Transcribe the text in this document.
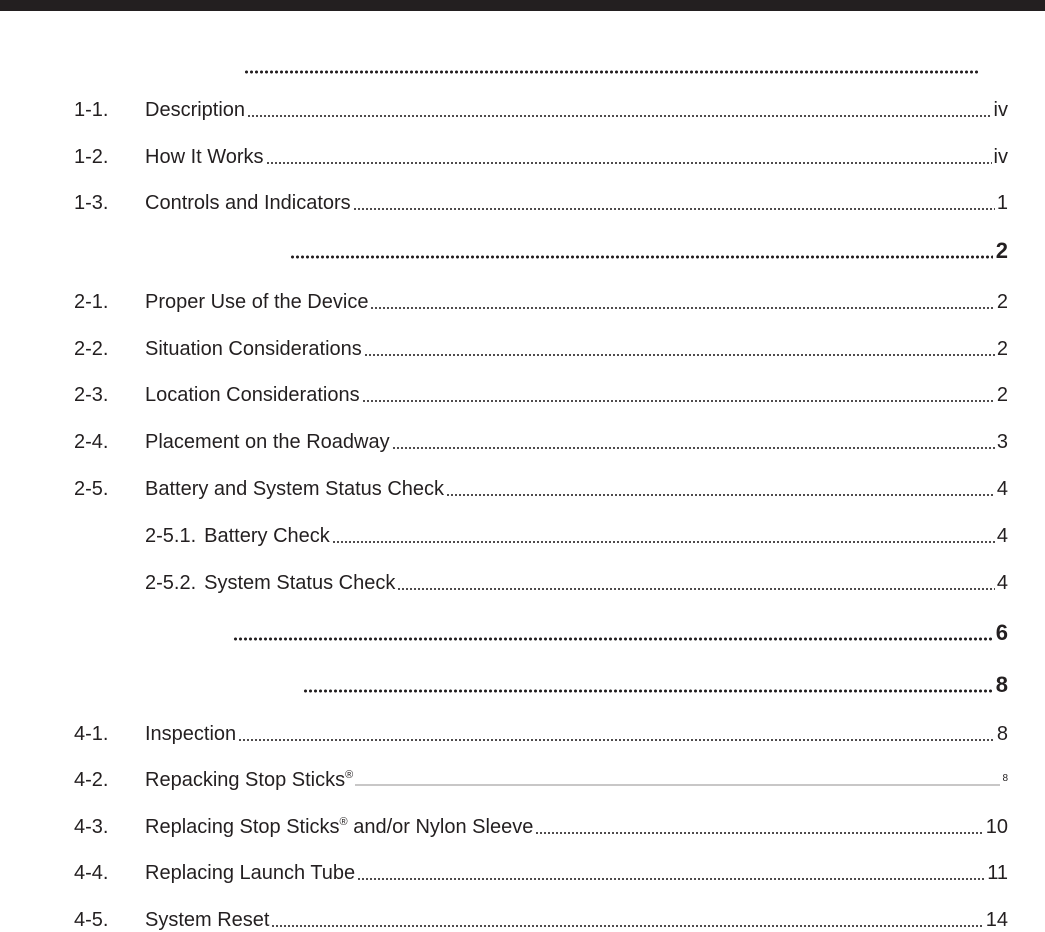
1-1.	Description	iv
1-2.	How It Works	iv
1-3.	Controls and Indicators	1
2
2-1.	Proper Use of the Device	2
2-2.	Situation Considerations	2
2-3.	Location Considerations	2
2-4.	Placement on the Roadway	3
2-5.	Battery and System Status Check	4
2-5.1. Battery Check	4
2-5.2. System Status Check	4
6
8
4-1.	Inspection	8
4-2.	Repacking Stop Sticks®	8
4-3.	Replacing Stop Sticks® and/or Nylon Sleeve	10
4-4.	Replacing Launch Tube	11
4-5.	System Reset	14
